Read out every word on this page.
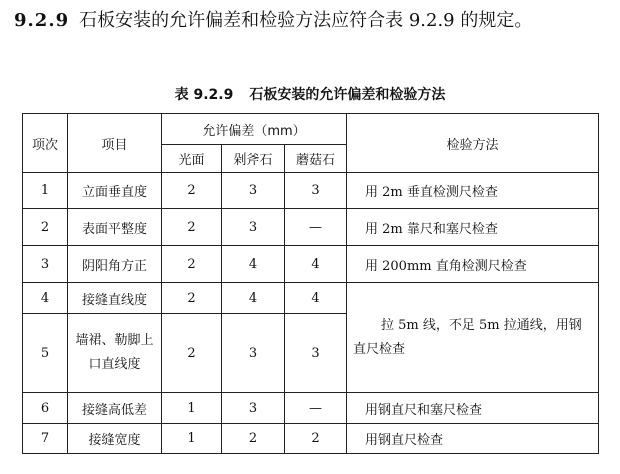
9.2.9 石板安装的允许偏差和检验方法应符合表 9.2.9 的规定。
表 9.2.9 石板安装的允许偏差和检验方法
项次	项目	允许偏差（mm）			检验方法
		光面	剁斧石	蘑菇石	
1	立面垂直度	2	3	3	用 2m 垂直检测尺检查
2	表面平整度	2	3	—	用 2m 靠尺和塞尺检查
3	阴阳角方正	2	4	4	用 200mm 直角检测尺检查
4	接缝直线度	2	4	4	拉 5m 线，不足 5m 拉通线，用钢直尺检查
5	墙裙、勒脚上口直线度	2	3	3	
6	接缝高低差	1	3	—	用钢直尺和塞尺检查
7	接缝宽度	1	2	2	用钢直尺检查
